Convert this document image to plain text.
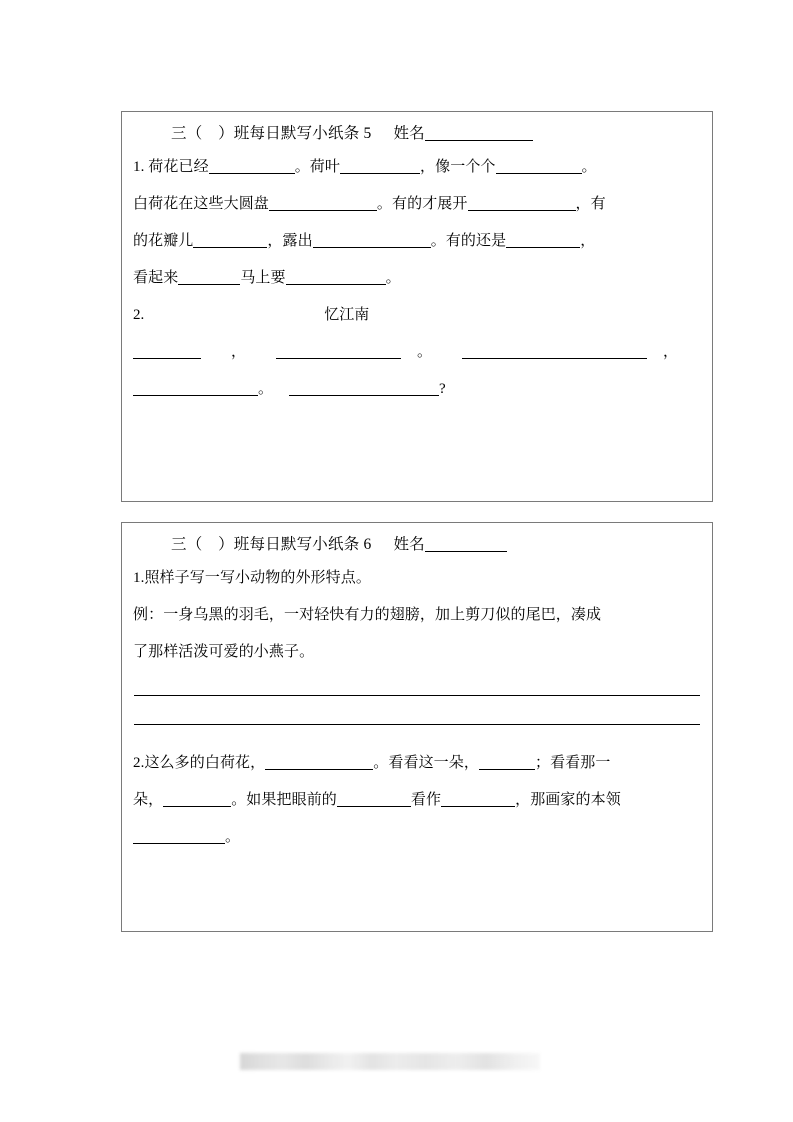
三（　）班每日默写小纸条 5 姓名
1. 荷花已经	。荷叶	，像一个个	。
白荷花在这些大圆盘	。有的才展开	，有
的花瓣儿	，露出	。有的还是	，
看起来	马上要	。
2.	忆江南
，	。	，
。	?
三（　）班每日默写小纸条 6 姓名
1.照样子写一写小动物的外形特点。
例：一身乌黑的羽毛，一对轻快有力的翅膀，加上剪刀似的尾巴，凑成
了那样活泼可爱的小燕子。
2.这么多的白荷花，	。看看这一朵，	；看看那一
朵，	。如果把眼前的	看作	，那画家的本领
。
